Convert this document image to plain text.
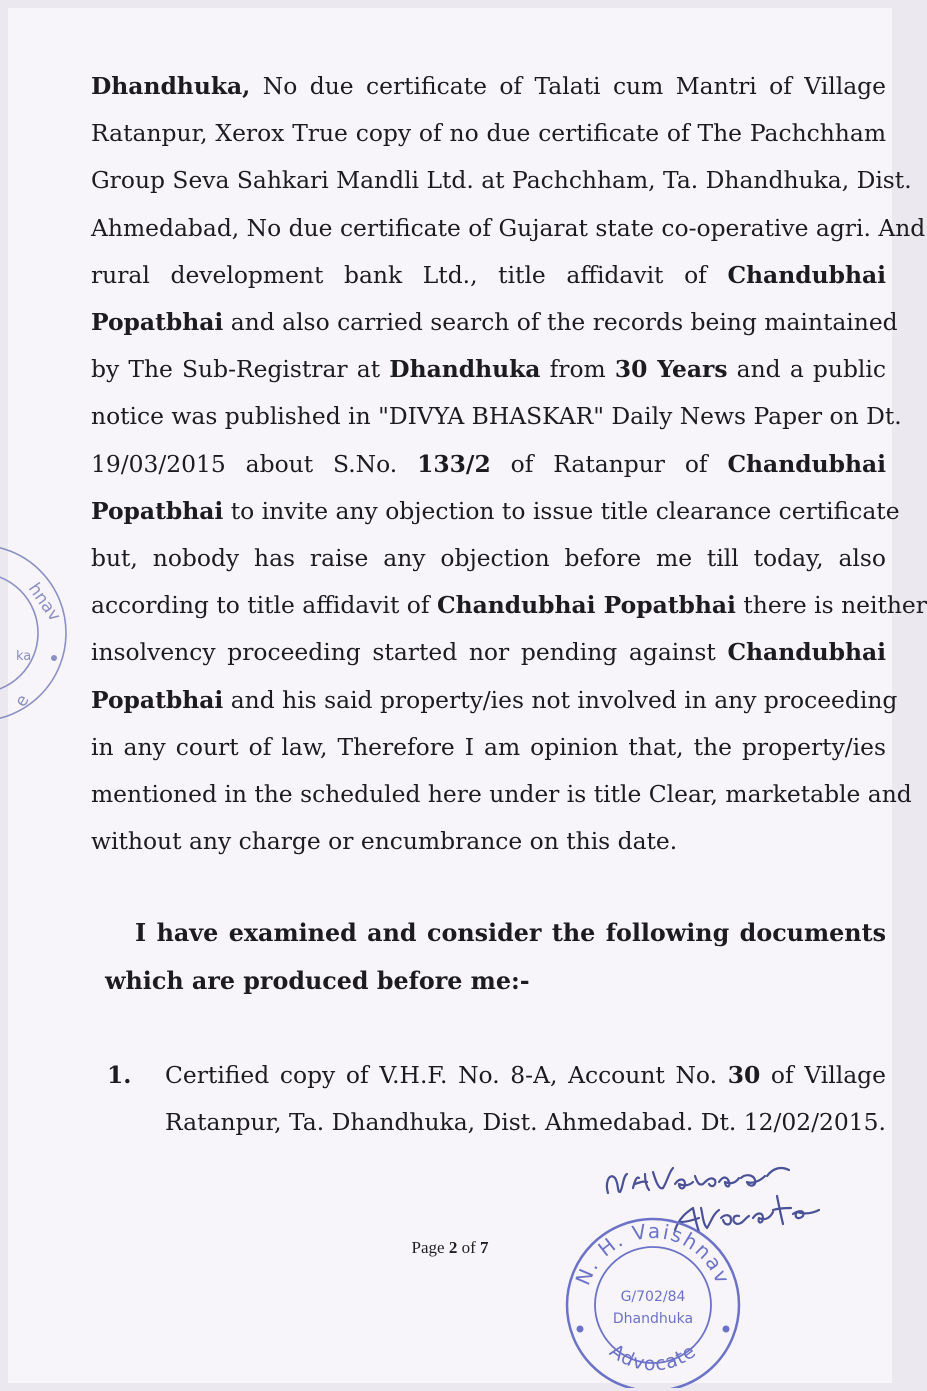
Dhandhuka, No due certificate of Talati cum Mantri of Village
Ratanpur, Xerox True copy of no due certificate of The Pachchham
Group Seva Sahkari Mandli Ltd. at Pachchham, Ta. Dhandhuka, Dist.
Ahmedabad, No due certificate of Gujarat state co-operative agri. And
rural development bank Ltd., title affidavit of Chandubhai
Popatbhai and also carried search of the records being maintained
by The Sub-Registrar at Dhandhuka from 30 Years and a public
notice was published in "DIVYA BHASKAR" Daily News Paper on Dt.
19/03/2015 about S.No. 133/2 of Ratanpur of Chandubhai
Popatbhai to invite any objection to issue title clearance certificate
but, nobody has raise any objection before me till today, also
according to title affidavit of Chandubhai Popatbhai there is neither
insolvency proceeding started nor pending against Chandubhai
Popatbhai and his said property/ies not involved in any proceeding
in any court of law, Therefore I am opinion that, the property/ies
mentioned in the scheduled here under is title Clear, marketable and
without any charge or encumbrance on this date.
I have examined and consider the following documents
which are produced before me:-
1. Certified copy of V.H.F. No. 8-A, Account No. 30 of Village
Ratanpur, Ta. Dhandhuka, Dist. Ahmedabad. Dt. 12/02/2015.
Page 2 of 7
N. H. Vaishnav
Advocate
G/702/84
Dhandhuka
hnav
ka
e
